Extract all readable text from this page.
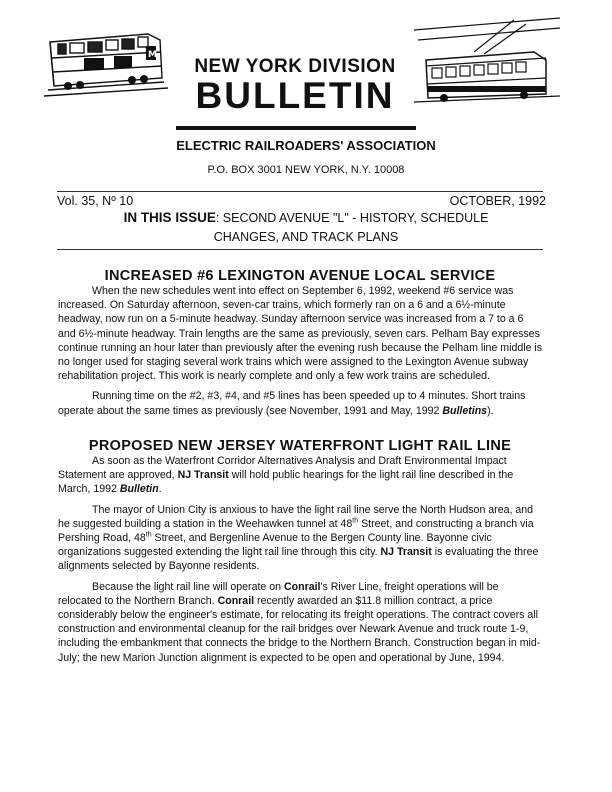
M
NEW YORK DIVISION
BULLETIN
ELECTRIC RAILROADERS' ASSOCIATION
P.O. BOX 3001 NEW YORK, N.Y. 10008
Vol. 35, Nº 10	OCTOBER, 1992
IN THIS ISSUE: SECOND AVENUE "L" - HISTORY, SCHEDULE CHANGES, AND TRACK PLANS
INCREASED #6 LEXINGTON AVENUE LOCAL SERVICE

When the new schedules went into effect on September 6, 1992, weekend #6 service was increased. On Saturday afternoon, seven-car trains, which formerly ran on a 6 and a 6½-minute headway, now run on a 5-minute headway. Sunday afternoon service was increased from a 7 to a 6 and 6½-minute headway. Train lengths are the same as previously, seven cars. Pelham Bay expresses continue running an hour later than previously after the evening rush because the Pelham line middle is no longer used for staging several work trains which were assigned to the Lexington Avenue subway rehabilitation project. This work is nearly complete and only a few work trains are scheduled.

Running time on the #2, #3, #4, and #5 lines has been speeded up to 4 minutes. Short trains operate about the same times as previously (see November, 1991 and May, 1992 Bulletins).

PROPOSED NEW JERSEY WATERFRONT LIGHT RAIL LINE

As soon as the Waterfront Corridor Alternatives Analysis and Draft Environmental Impact Statement are approved, NJ Transit will hold public hearings for the light rail line described in the March, 1992 Bulletin.

The mayor of Union City is anxious to have the light rail line serve the North Hudson area, and he suggested building a station in the Weehawken tunnel at 48th Street, and constructing a branch via Pershing Road, 48th Street, and Bergenline Avenue to the Bergen County line. Bayonne civic organizations suggested extending the light rail line through this city. NJ Transit is evaluating the three alignments selected by Bayonne residents.

Because the light rail line will operate on Conrail's River Line, freight operations will be relocated to the Northern Branch. Conrail recently awarded an $11.8 million contract, a price considerably below the engineer's estimate, for relocating its freight operations. The contract covers all construction and environmental cleanup for the rail bridges over Newark Avenue and truck route 1-9, including the embankment that connects the bridge to the Northern Branch. Construction began in mid-July; the new Marion Junction alignment is expected to be open and operational by June, 1994.
